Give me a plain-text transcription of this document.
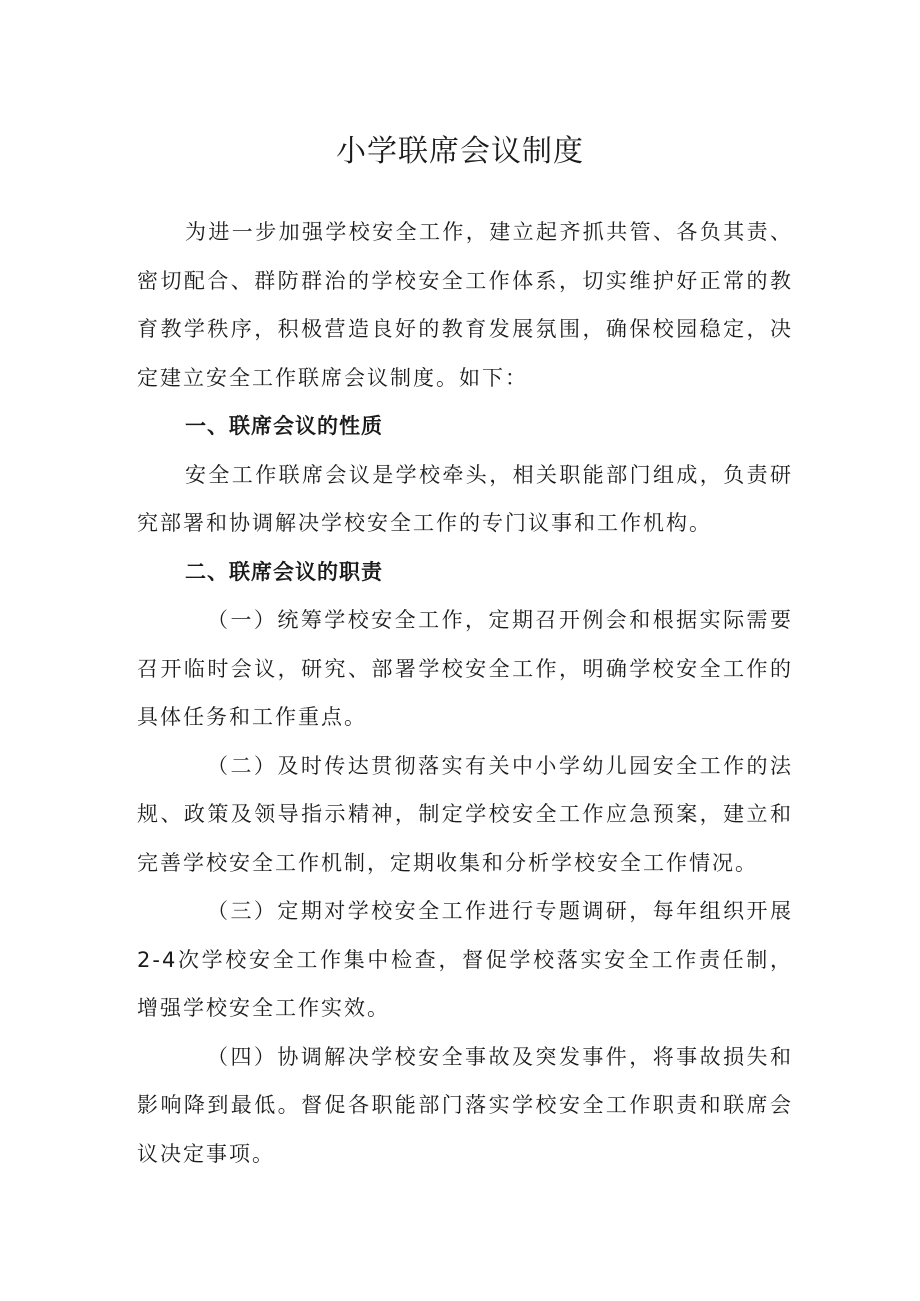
小学联席会议制度

为进一步加强学校安全工作，建立起齐抓共管、各负其责、密切配合、群防群治的学校安全工作体系，切实维护好正常的教育教学秩序，积极营造良好的教育发展氛围，确保校园稳定，决定建立安全工作联席会议制度。如下：

一、联席会议的性质

安全工作联席会议是学校牵头，相关职能部门组成，负责研究部署和协调解决学校安全工作的专门议事和工作机构。

二、联席会议的职责

（一）统筹学校安全工作，定期召开例会和根据实际需要召开临时会议，研究、部署学校安全工作，明确学校安全工作的具体任务和工作重点。

（二）及时传达贯彻落实有关中小学幼儿园安全工作的法规、政策及领导指示精神，制定学校安全工作应急预案，建立和完善学校安全工作机制，定期收集和分析学校安全工作情况。

（三）定期对学校安全工作进行专题调研，每年组织开展2-4次学校安全工作集中检查，督促学校落实安全工作责任制，增强学校安全工作实效。

（四）协调解决学校安全事故及突发事件，将事故损失和影响降到最低。督促各职能部门落实学校安全工作职责和联席会议决定事项。
